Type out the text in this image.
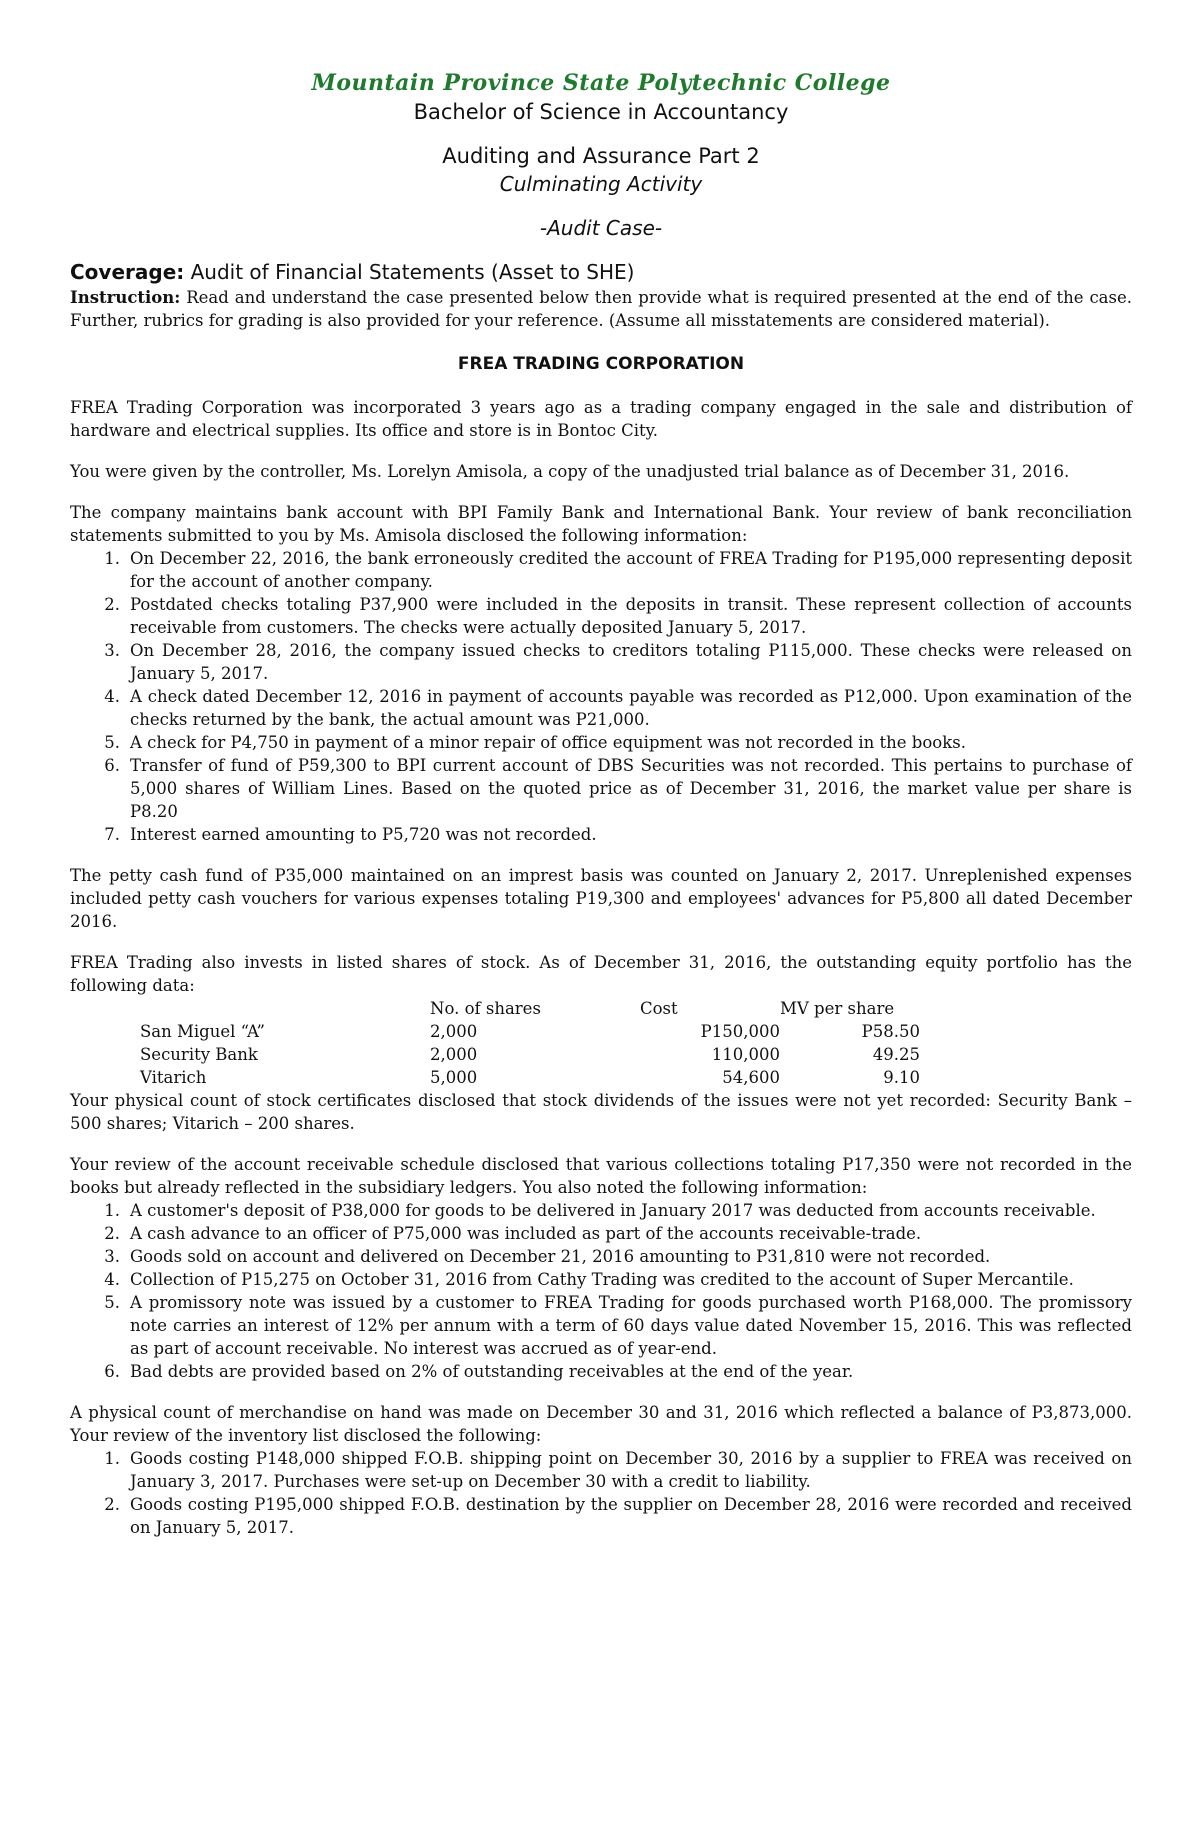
Mountain Province State Polytechnic College
Bachelor of Science in Accountancy
Auditing and Assurance Part 2
Culminating Activity
-Audit Case-
Coverage: Audit of Financial Statements (Asset to SHE)

Instruction: Read and understand the case presented below then provide what is required presented at the end of the case. Further, rubrics for grading is also provided for your reference. (Assume all misstatements are considered material).

FREA TRADING CORPORATION

FREA Trading Corporation was incorporated 3 years ago as a trading company engaged in the sale and distribution of hardware and electrical supplies. Its office and store is in Bontoc City.

You were given by the controller, Ms. Lorelyn Amisola, a copy of the unadjusted trial balance as of December 31, 2016.

The company maintains bank account with BPI Family Bank and International Bank. Your review of bank reconciliation statements submitted to you by Ms. Amisola disclosed the following information:

1. On December 22, 2016, the bank erroneously credited the account of FREA Trading for P195,000 representing deposit for the account of another company.
2. Postdated checks totaling P37,900 were included in the deposits in transit. These represent collection of accounts receivable from customers. The checks were actually deposited January 5, 2017.
3. On December 28, 2016, the company issued checks to creditors totaling P115,000. These checks were released on January 5, 2017.
4. A check dated December 12, 2016 in payment of accounts payable was recorded as P12,000. Upon examination of the checks returned by the bank, the actual amount was P21,000.
5. A check for P4,750 in payment of a minor repair of office equipment was not recorded in the books.
6. Transfer of fund of P59,300 to BPI current account of DBS Securities was not recorded. This pertains to purchase of 5,000 shares of William Lines. Based on the quoted price as of December 31, 2016, the market value per share is P8.20
7. Interest earned amounting to P5,720 was not recorded.

The petty cash fund of P35,000 maintained on an imprest basis was counted on January 2, 2017. Unreplenished expenses included petty cash vouchers for various expenses totaling P19,300 and employees' advances for P5,800 all dated December 2016.

FREA Trading also invests in listed shares of stock. As of December 31, 2016, the outstanding equity portfolio has the following data:

	No. of shares	Cost	MV per share
San Miguel “A”	2,000	P150,000	P58.50
Security Bank	2,000	110,000	49.25
Vitarich	5,000	54,600	9.10

Your physical count of stock certificates disclosed that stock dividends of the issues were not yet recorded: Security Bank – 500 shares; Vitarich – 200 shares.

Your review of the account receivable schedule disclosed that various collections totaling P17,350 were not recorded in the books but already reflected in the subsidiary ledgers. You also noted the following information:

1. A customer's deposit of P38,000 for goods to be delivered in January 2017 was deducted from accounts receivable.
2. A cash advance to an officer of P75,000 was included as part of the accounts receivable-trade.
3. Goods sold on account and delivered on December 21, 2016 amounting to P31,810 were not recorded.
4. Collection of P15,275 on October 31, 2016 from Cathy Trading was credited to the account of Super Mercantile.
5. A promissory note was issued by a customer to FREA Trading for goods purchased worth P168,000. The promissory note carries an interest of 12% per annum with a term of 60 days value dated November 15, 2016. This was reflected as part of account receivable. No interest was accrued as of year-end.
6. Bad debts are provided based on 2% of outstanding receivables at the end of the year.

A physical count of merchandise on hand was made on December 30 and 31, 2016 which reflected a balance of P3,873,000. Your review of the inventory list disclosed the following:

1. Goods costing P148,000 shipped F.O.B. shipping point on December 30, 2016 by a supplier to FREA was received on January 3, 2017. Purchases were set-up on December 30 with a credit to liability.
2. Goods costing P195,000 shipped F.O.B. destination by the supplier on December 28, 2016 were recorded and received on January 5, 2017.
